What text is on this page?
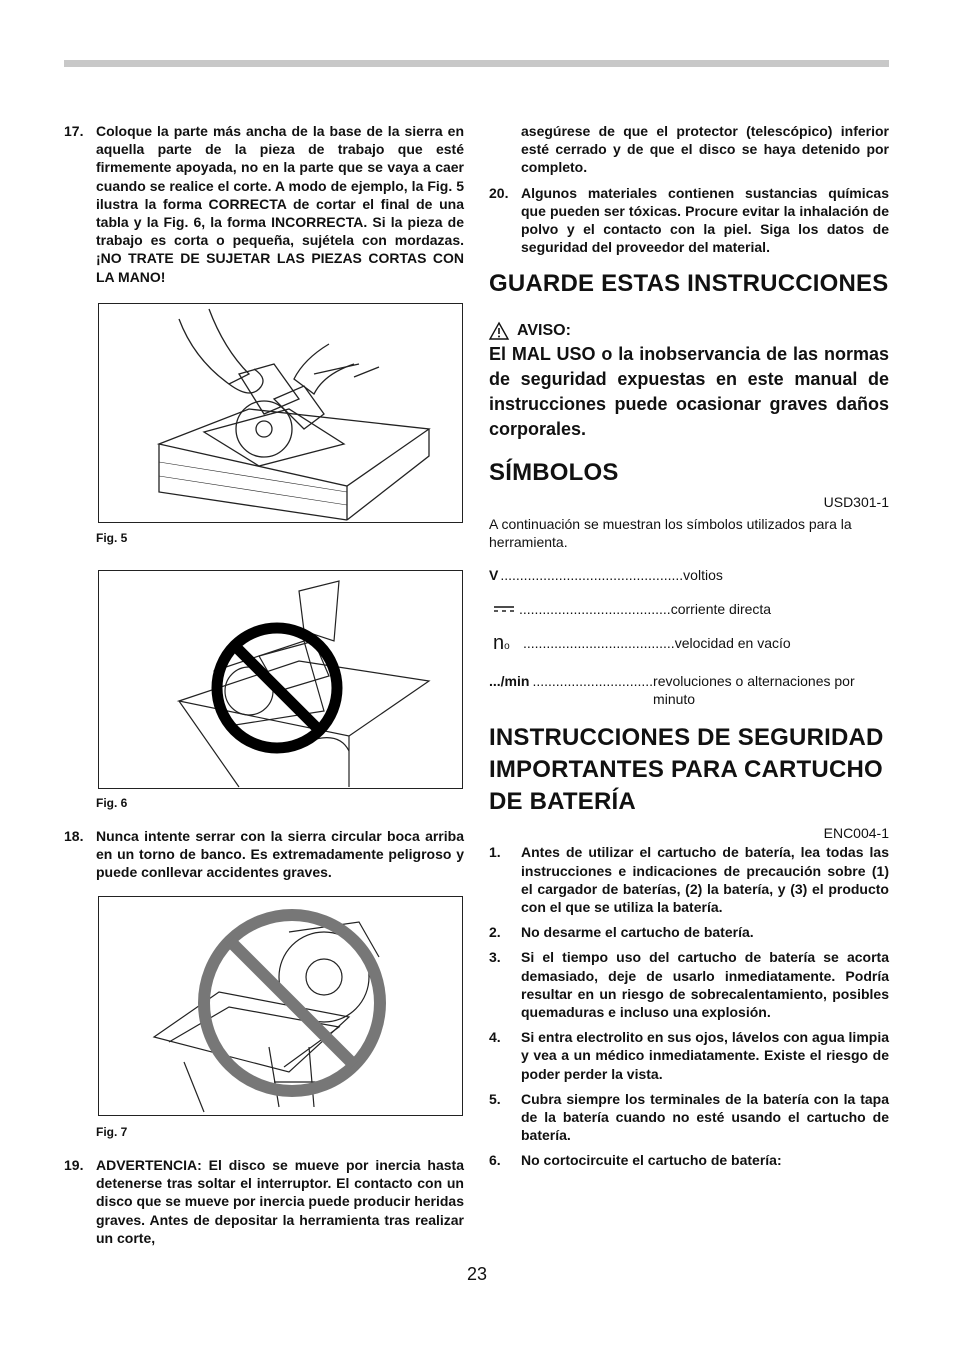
17. Coloque la parte más ancha de la base de la sierra en aquella parte de la pieza de trabajo que esté firmemente apoyada, no en la parte que se vaya a caer cuando se realice el corte. A modo de ejemplo, la Fig. 5 ilustra la forma CORRECTA de cortar el final de una tabla y la Fig. 6, la forma INCORRECTA. Si la pieza de trabajo es corta o pequeña, sujétela con mordazas. ¡NO TRATE DE SUJETAR LAS PIEZAS CORTAS CON LA MANO!
Fig. 5
Fig. 6
18. Nunca intente serrar con la sierra circular boca arriba en un torno de banco. Es extremadamente peligroso y puede conllevar accidentes graves.
Fig. 7
19. ADVERTENCIA: El disco se mueve por inercia hasta detenerse tras soltar el interruptor. El contacto con un disco que se mueve por inercia puede producir heridas graves. Antes de depositar la herramienta tras realizar un corte,
asegúrese de que el protector (telescópico) inferior esté cerrado y de que el disco se haya detenido por completo.
20. Algunos materiales contienen sustancias químicas que pueden ser tóxicas. Procure evitar la inhalación de polvo y el contacto con la piel. Siga los datos de seguridad del proveedor del material.
GUARDE ESTAS INSTRUCCIONES
AVISO:
El MAL USO o la inobservancia de las normas de seguridad expuestas en este manual de instrucciones puede ocasionar graves daños corporales.
SÍMBOLOS
USD301-1
A continuación se muestran los símbolos utilizados para la herramienta.
V ............................................... voltios
....................................... corriente directa
no ....................................... velocidad en vacío
.../min ............................... revoluciones o alternaciones por minuto
INSTRUCCIONES DE SEGURIDAD IMPORTANTES PARA CARTUCHO DE BATERÍA
ENC004-1
1.	Antes de utilizar el cartucho de batería, lea todas las instrucciones e indicaciones de precaución sobre (1) el cargador de baterías, (2) la batería, y (3) el producto con el que se utiliza la batería.
2.	No desarme el cartucho de batería.
3.	Si el tiempo uso del cartucho de batería se acorta demasiado, deje de usarlo inmediatamente. Podría resultar en un riesgo de sobrecalentamiento, posibles quemaduras e incluso una explosión.
4.	Si entra electrolito en sus ojos, lávelos con agua limpia y vea a un médico inmediatamente. Existe el riesgo de poder perder la vista.
5.	Cubra siempre los terminales de la batería con la tapa de la batería cuando no esté usando el cartucho de batería.
6.	No cortocircuite el cartucho de batería:
23
